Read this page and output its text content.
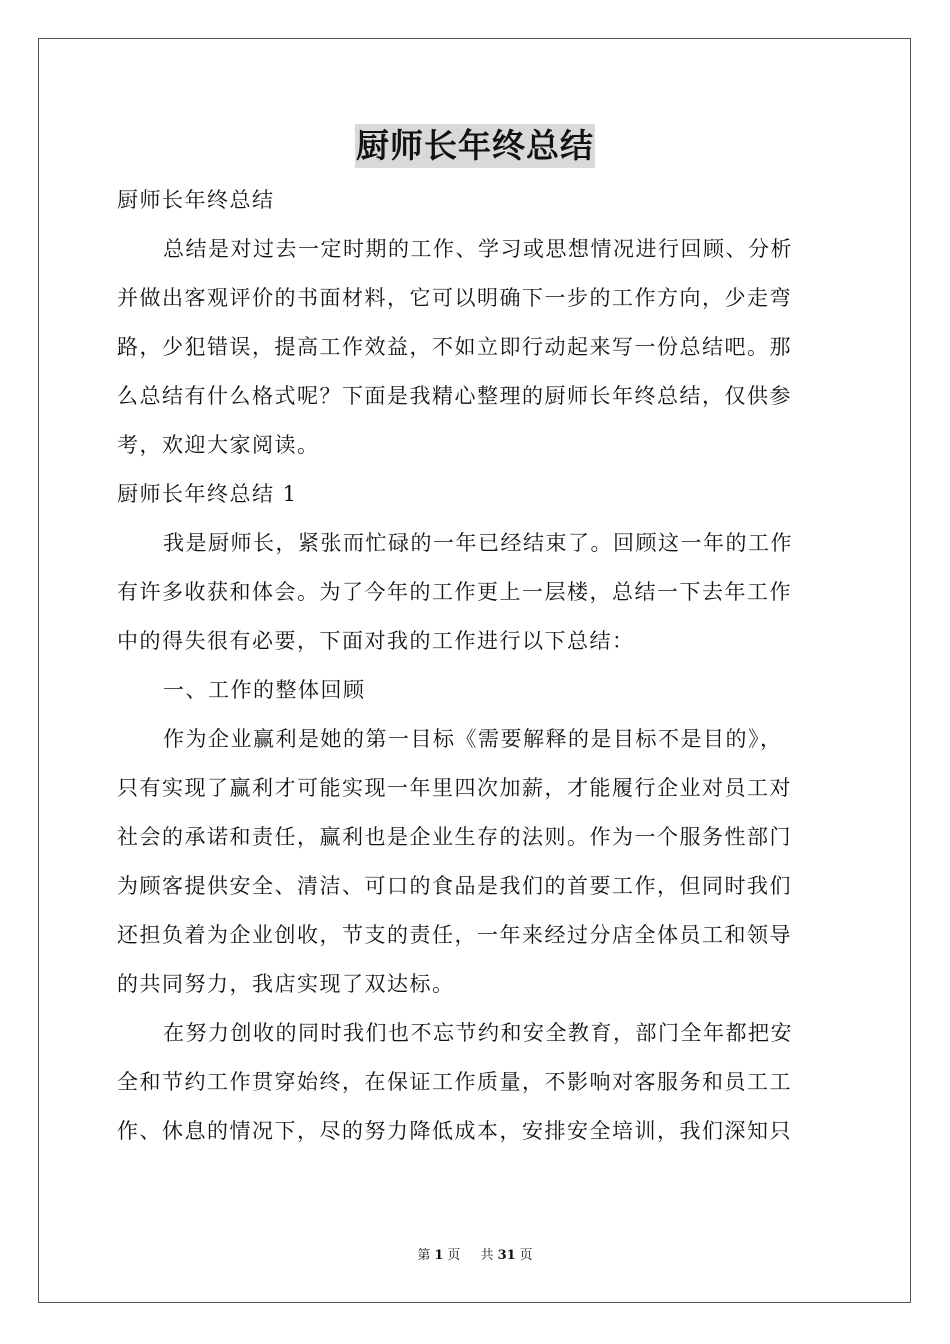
厨师长年终总结
厨师长年终总结
总结是对过去一定时期的工作、学习或思想情况进行回顾、分析
并做出客观评价的书面材料，它可以明确下一步的工作方向，少走弯
路，少犯错误，提高工作效益，不如立即行动起来写一份总结吧。那
么总结有什么格式呢？下面是我精心整理的厨师长年终总结，仅供参
考，欢迎大家阅读。
厨师长年终总结 1
我是厨师长，紧张而忙碌的一年已经结束了。回顾这一年的工作
有许多收获和体会。为了今年的工作更上一层楼，总结一下去年工作
中的得失很有必要，下面对我的工作进行以下总结：
一、工作的整体回顾
作为企业赢利是她的第一目标《需要解释的是目标不是目的》，
只有实现了赢利才可能实现一年里四次加薪，才能履行企业对员工对
社会的承诺和责任，赢利也是企业生存的法则。作为一个服务性部门
为顾客提供安全、清洁、可口的食品是我们的首要工作，但同时我们
还担负着为企业创收，节支的责任，一年来经过分店全体员工和领导
的共同努力，我店实现了双达标。
在努力创收的同时我们也不忘节约和安全教育，部门全年都把安
全和节约工作贯穿始终，在保证工作质量，不影响对客服务和员工工
作、休息的情况下，尽的努力降低成本，安排安全培训，我们深知只
第 1 页 共 31 页
